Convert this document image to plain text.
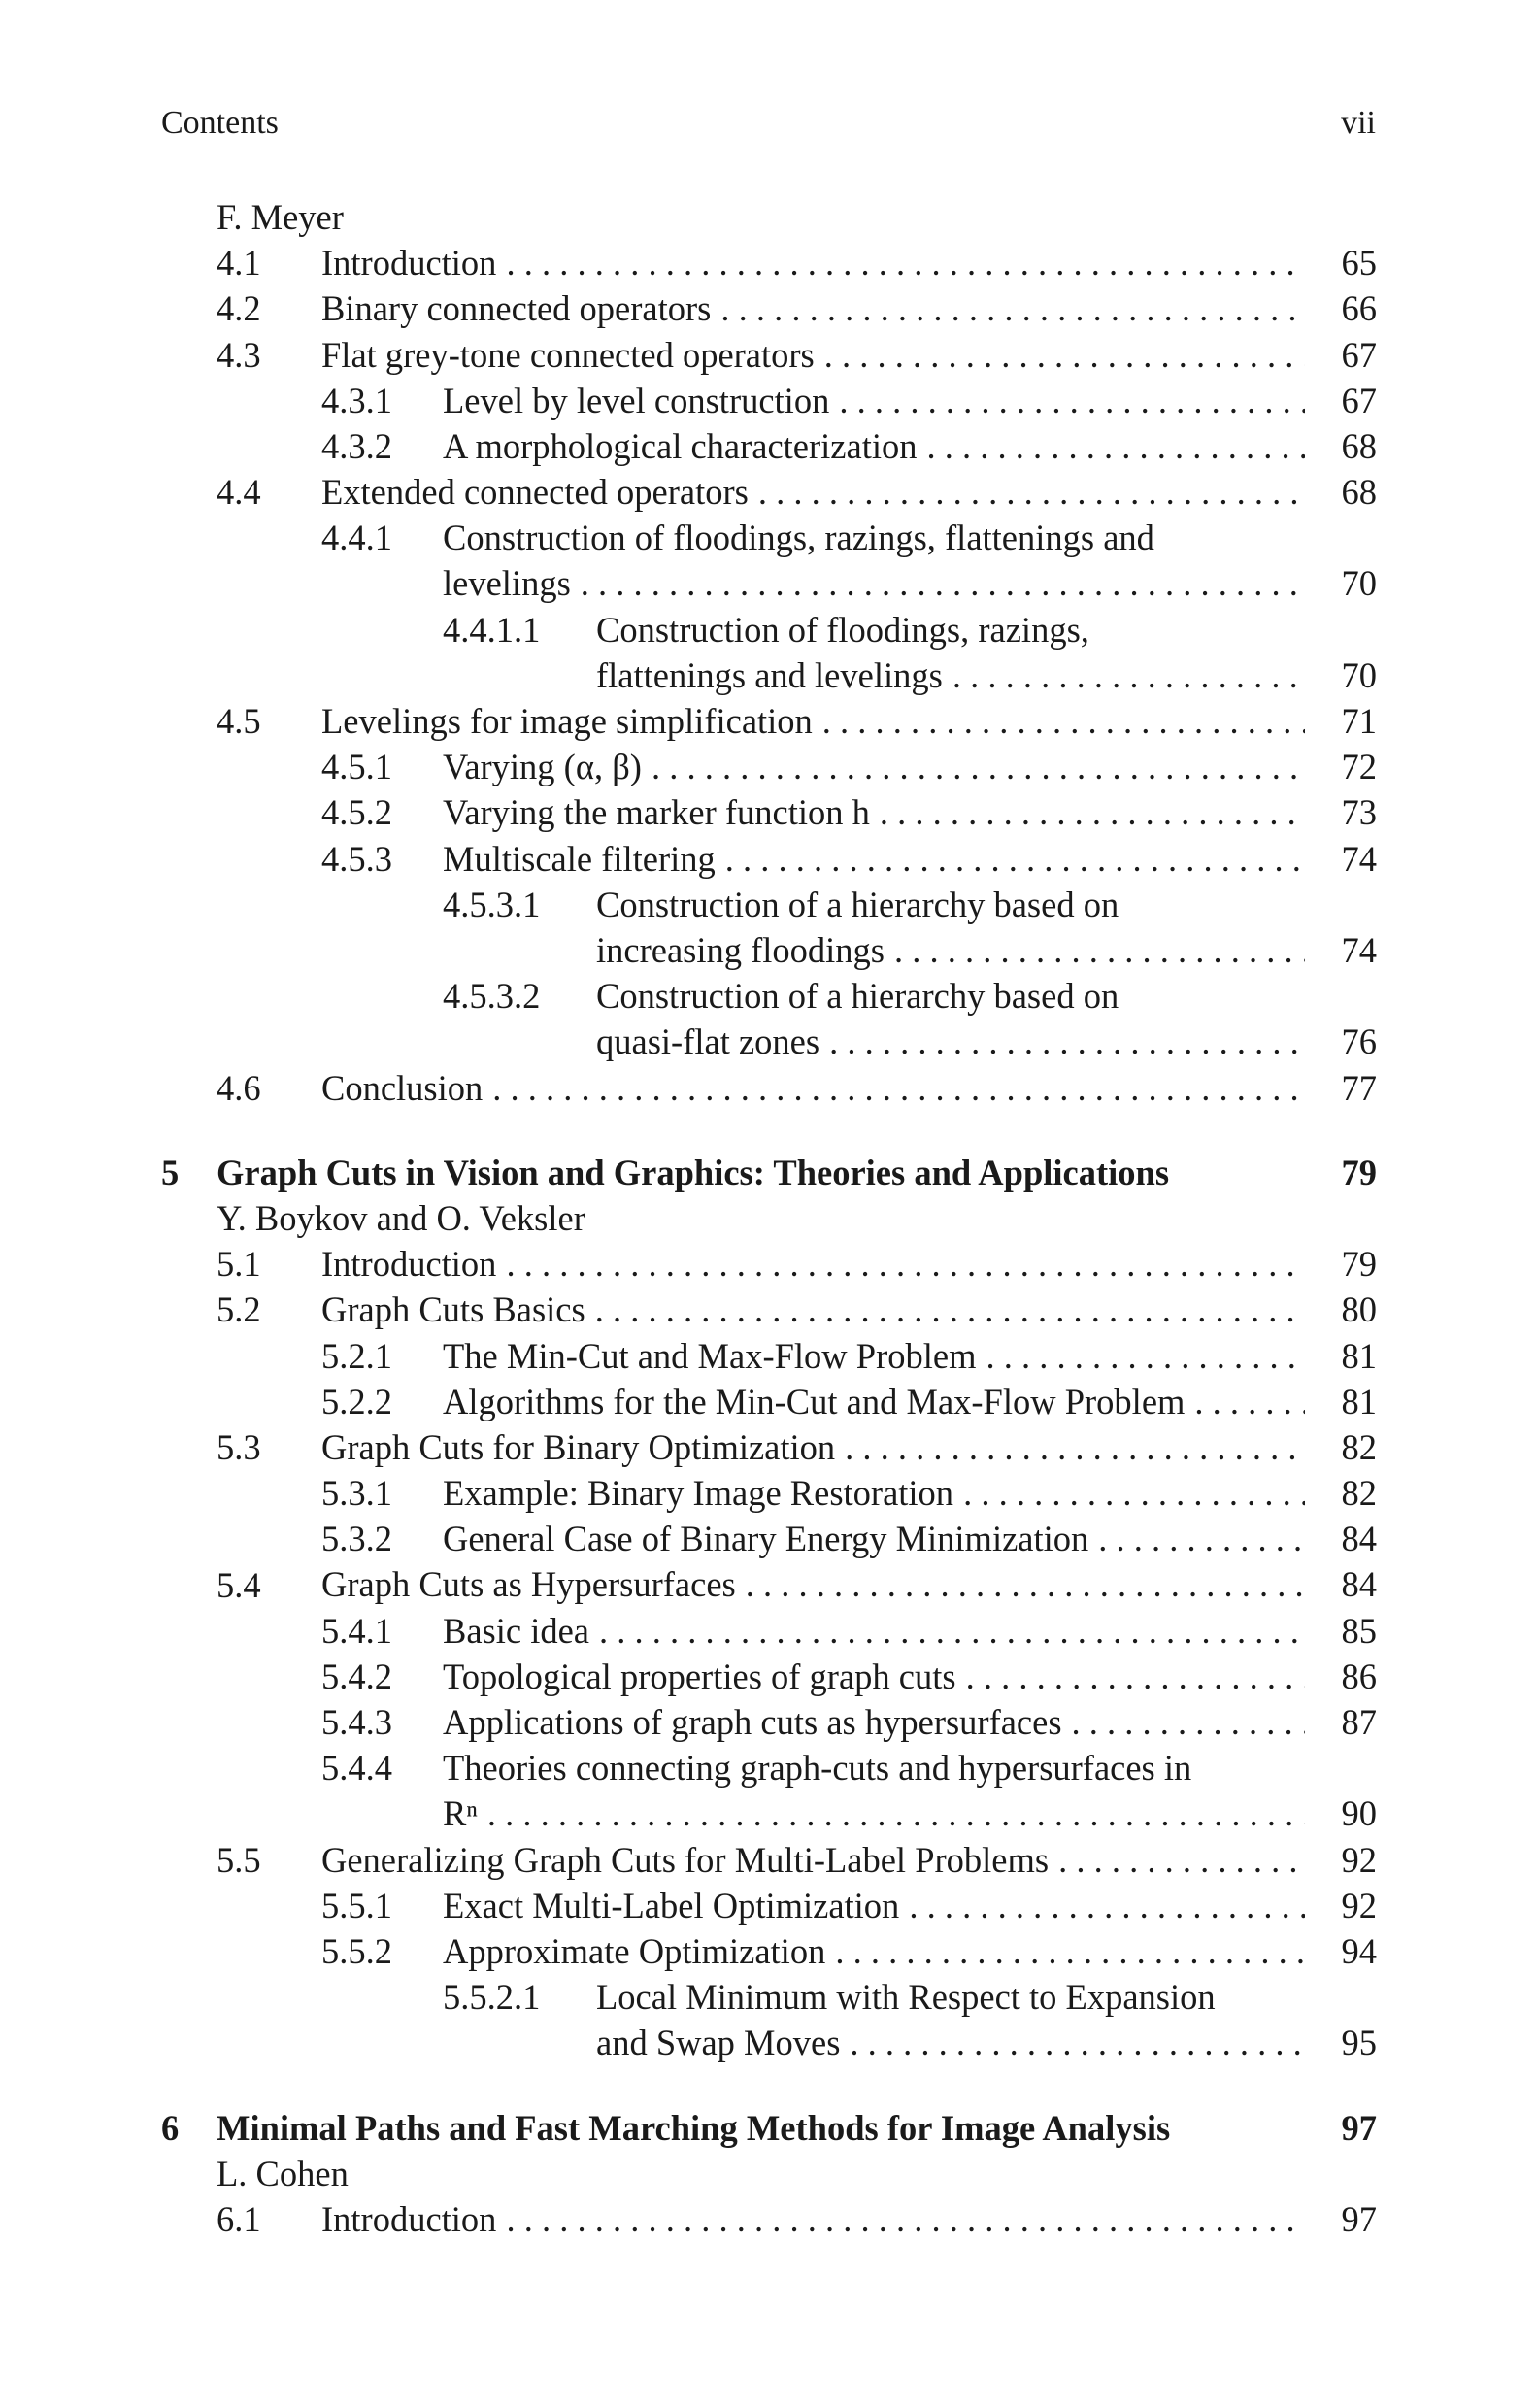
Contents	vii
F. Meyer
4.1 Introduction . . .	65
4.2 Binary connected operators . . .	66
4.3 Flat grey-tone connected operators . . .	67
4.3.1 Level by level construction . . .	67
4.3.2 A morphological characterization . . .	68
4.4 Extended connected operators . . .	68
4.4.1 Construction of floodings, razings, flattenings and
levelings . . .	70
4.4.1.1 Construction of floodings, razings,
flattenings and levelings . . .	70
4.5 Levelings for image simplification . . .	71
4.5.1 Varying (α, β) . . .	72
4.5.2 Varying the marker function h . . .	73
4.5.3 Multiscale filtering . . .	74
4.5.3.1 Construction of a hierarchy based on
increasing floodings . . .	74
4.5.3.2 Construction of a hierarchy based on
quasi-flat zones . . .	76
4.6 Conclusion . . .	77
5 Graph Cuts in Vision and Graphics: Theories and Applications	79
Y. Boykov and O. Veksler
5.1 Introduction . . .	79
5.2 Graph Cuts Basics . . .	80
5.2.1 The Min-Cut and Max-Flow Problem . . .	81
5.2.2 Algorithms for the Min-Cut and Max-Flow Problem . . .	81
5.3 Graph Cuts for Binary Optimization . . .	82
5.3.1 Example: Binary Image Restoration . . .	82
5.3.2 General Case of Binary Energy Minimization . . .	84
5.4 Graph Cuts as Hypersurfaces . . .	84
5.4.1 Basic idea . . .	85
5.4.2 Topological properties of graph cuts . . .	86
5.4.3 Applications of graph cuts as hypersurfaces . . .	87
5.4.4 Theories connecting graph-cuts and hypersurfaces in
Rⁿ . . .	90
5.5 Generalizing Graph Cuts for Multi-Label Problems . . .	92
5.5.1 Exact Multi-Label Optimization . . .	92
5.5.2 Approximate Optimization . . .	94
5.5.2.1 Local Minimum with Respect to Expansion
and Swap Moves . . .	95
6 Minimal Paths and Fast Marching Methods for Image Analysis	97
L. Cohen
6.1 Introduction . . .	97
